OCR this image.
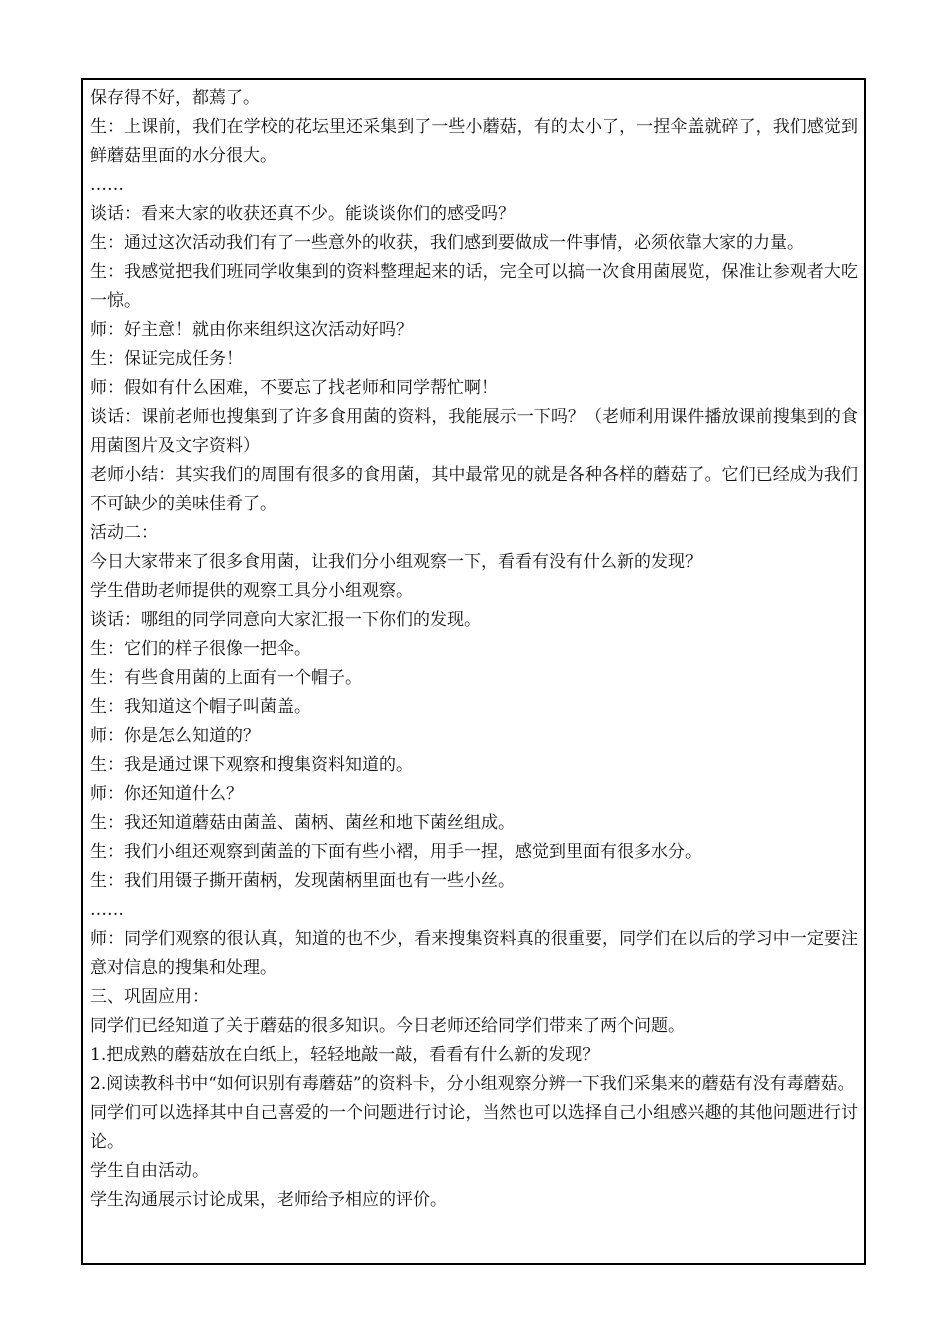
保存得不好，都蔫了。

生：上课前，我们在学校的花坛里还采集到了一些小蘑菇，有的太小了，一捏伞盖就碎了，我们感觉到鲜蘑菇里面的水分很大。

……

谈话：看来大家的收获还真不少。能谈谈你们的感受吗？

生：通过这次活动我们有了一些意外的收获，我们感到要做成一件事情，必须依靠大家的力量。

生：我感觉把我们班同学收集到的资料整理起来的话，完全可以搞一次食用菌展览，保准让参观者大吃一惊。

师：好主意！就由你来组织这次活动好吗？

生：保证完成任务！

师：假如有什么困难，不要忘了找老师和同学帮忙啊！

谈话：课前老师也搜集到了许多食用菌的资料，我能展示一下吗？（老师利用课件播放课前搜集到的食用菌图片及文字资料）

老师小结：其实我们的周围有很多的食用菌，其中最常见的就是各种各样的蘑菇了。它们已经成为我们不可缺少的美味佳肴了。

活动二：

今日大家带来了很多食用菌，让我们分小组观察一下，看看有没有什么新的发现？

学生借助老师提供的观察工具分小组观察。

谈话：哪组的同学同意向大家汇报一下你们的发现。

生：它们的样子很像一把伞。

生：有些食用菌的上面有一个帽子。

生：我知道这个帽子叫菌盖。

师：你是怎么知道的？

生：我是通过课下观察和搜集资料知道的。

师：你还知道什么？

生：我还知道蘑菇由菌盖、菌柄、菌丝和地下菌丝组成。

生：我们小组还观察到菌盖的下面有些小褶，用手一捏，感觉到里面有很多水分。

生：我们用镊子撕开菌柄，发现菌柄里面也有一些小丝。

……

师：同学们观察的很认真，知道的也不少，看来搜集资料真的很重要，同学们在以后的学习中一定要注意对信息的搜集和处理。

三、巩固应用：

同学们已经知道了关于蘑菇的很多知识。今日老师还给同学们带来了两个问题。

1.把成熟的蘑菇放在白纸上，轻轻地敲一敲，看看有什么新的发现？

2.阅读教科书中“如何识别有毒蘑菇”的资料卡，分小组观察分辨一下我们采集来的蘑菇有没有毒蘑菇。

同学们可以选择其中自己喜爱的一个问题进行讨论，当然也可以选择自己小组感兴趣的其他问题进行讨论。

学生自由活动。

学生沟通展示讨论成果，老师给予相应的评价。
